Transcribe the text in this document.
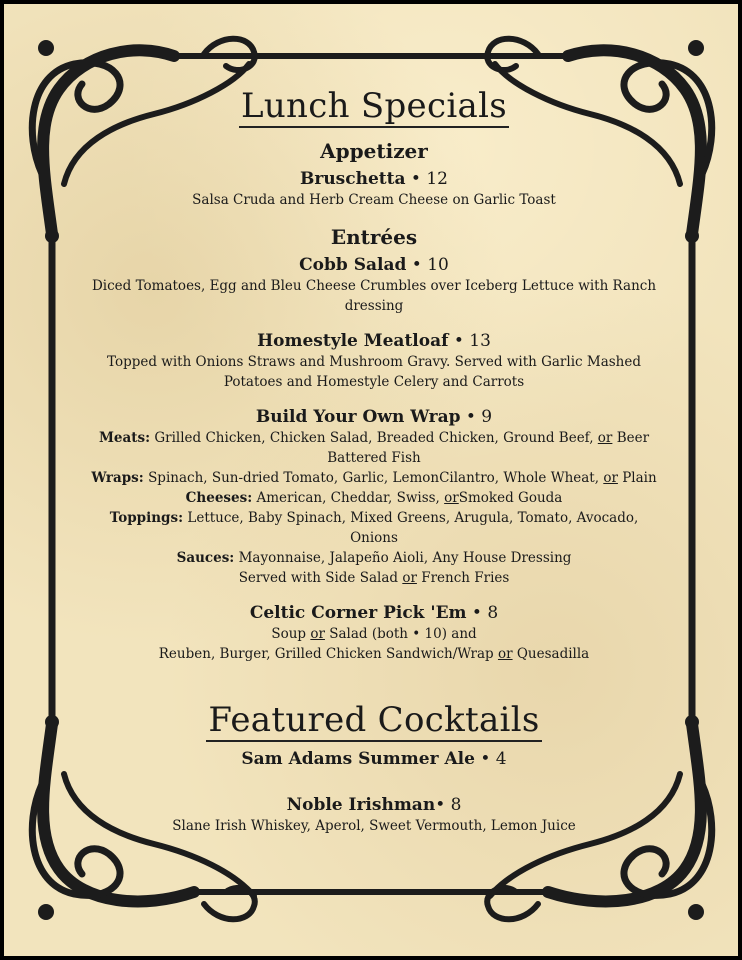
Lunch Specials
Appetizer
Bruschetta • 12
Salsa Cruda and Herb Cream Cheese on Garlic Toast
Entrées
Cobb Salad • 10
Diced Tomatoes, Egg and Bleu Cheese Crumbles over Iceberg Lettuce with Ranch
dressing
Homestyle Meatloaf • 13
Topped with Onions Straws and Mushroom Gravy. Served with Garlic Mashed
Potatoes and Homestyle Celery and Carrots
Build Your Own Wrap • 9
Meats: Grilled Chicken, Chicken Salad, Breaded Chicken, Ground Beef, or Beer
Battered Fish
Wraps: Spinach, Sun-dried Tomato, Garlic, LemonCilantro, Whole Wheat, or Plain
Cheeses: American, Cheddar, Swiss, orSmoked Gouda
Toppings: Lettuce, Baby Spinach, Mixed Greens, Arugula, Tomato, Avocado,
Onions
Sauces: Mayonnaise, Jalapeño Aioli, Any House Dressing
Served with Side Salad or French Fries
Celtic Corner Pick 'Em • 8
Soup or Salad (both • 10) and
Reuben, Burger, Grilled Chicken Sandwich/Wrap or Quesadilla
Featured Cocktails
Sam Adams Summer Ale • 4
Noble Irishman• 8
Slane Irish Whiskey, Aperol, Sweet Vermouth, Lemon Juice
